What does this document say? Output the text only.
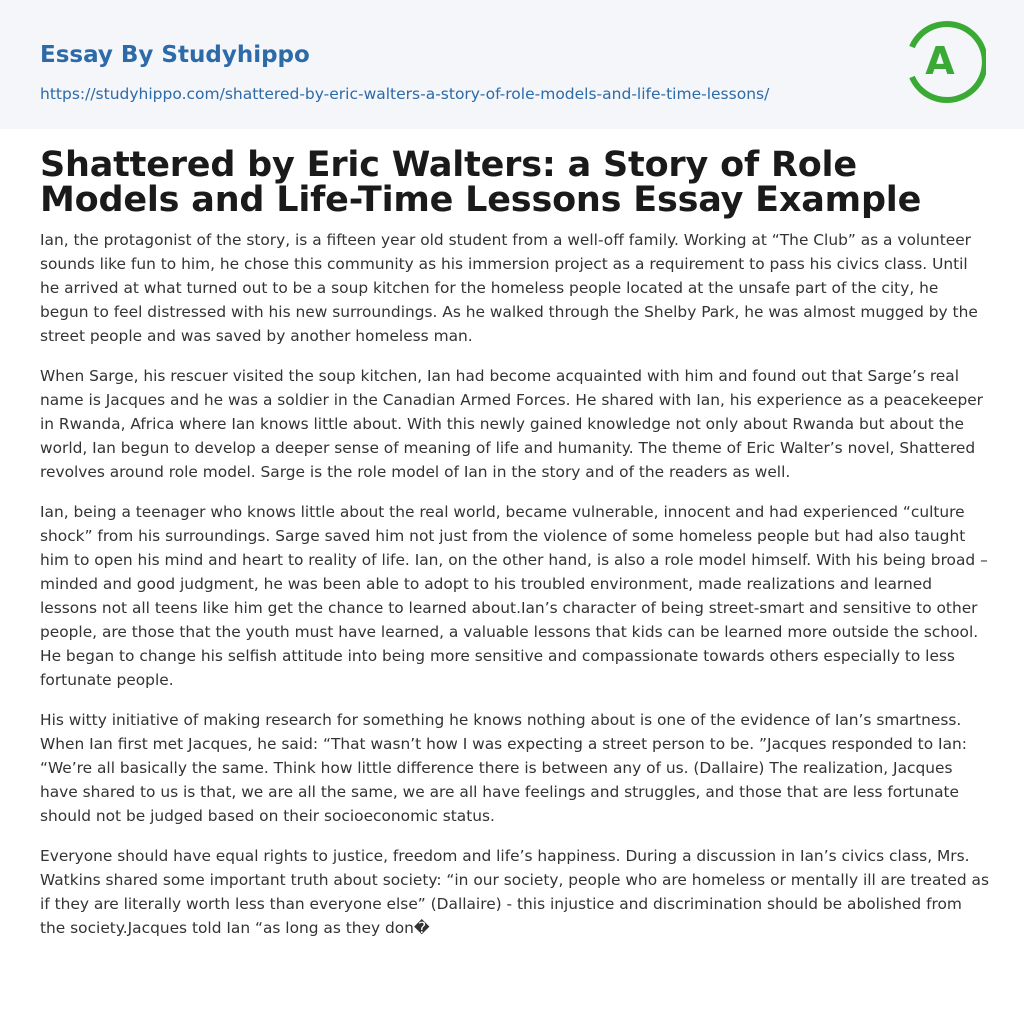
Essay By Studyhippo
https://studyhippo.com/shattered-by-eric-walters-a-story-of-role-models-and-life-time-lessons/
A
Shattered by Eric Walters: a Story of Role Models and Life-Time Lessons Essay Example

Ian, the protagonist of the story, is a fifteen year old student from a well-off family. Working at “The Club” as a volunteer sounds like fun to him, he chose this community as his immersion project as a requirement to pass his civics class. Until he arrived at what turned out to be a soup kitchen for the homeless people located at the unsafe part of the city, he begun to feel distressed with his new surroundings. As he walked through the Shelby Park, he was almost mugged by the street people and was saved by another homeless man.

When Sarge, his rescuer visited the soup kitchen, Ian had become acquainted with him and found out that Sarge’s real name is Jacques and he was a soldier in the Canadian Armed Forces. He shared with Ian, his experience as a peacekeeper in Rwanda, Africa where Ian knows little about. With this newly gained knowledge not only about Rwanda but about the world, Ian begun to develop a deeper sense of meaning of life and humanity. The theme of Eric Walter’s novel, Shattered revolves around role model. Sarge is the role model of Ian in the story and of the readers as well.

Ian, being a teenager who knows little about the real world, became vulnerable, innocent and had experienced “culture shock” from his surroundings. Sarge saved him not just from the violence of some homeless people but had also taught him to open his mind and heart to reality of life. Ian, on the other hand, is also a role model himself. With his being broad –minded and good judgment, he was been able to adopt to his troubled environment, made realizations and learned lessons not all teens like him get the chance to learned about.Ian’s character of being street-smart and sensitive to other people, are those that the youth must have learned, a valuable lessons that kids can be learned more outside the school. He began to change his selfish attitude into being more sensitive and compassionate towards others especially to less fortunate people.

His witty initiative of making research for something he knows nothing about is one of the evidence of Ian’s smartness. When Ian first met Jacques, he said: “That wasn’t how I was expecting a street person to be. ”Jacques responded to Ian: “We’re all basically the same. Think how little difference there is between any of us. (Dallaire) The realization, Jacques have shared to us is that, we are all the same, we are all have feelings and struggles, and those that are less fortunate should not be judged based on their socioeconomic status.

Everyone should have equal rights to justice, freedom and life’s happiness. During a discussion in Ian’s civics class, Mrs. Watkins shared some important truth about society: “in our society, people who are homeless or mentally ill are treated as if they are literally worth less than everyone else” (Dallaire) - this injustice and discrimination should be abolished from the society.Jacques told Ian “as long as they don�
